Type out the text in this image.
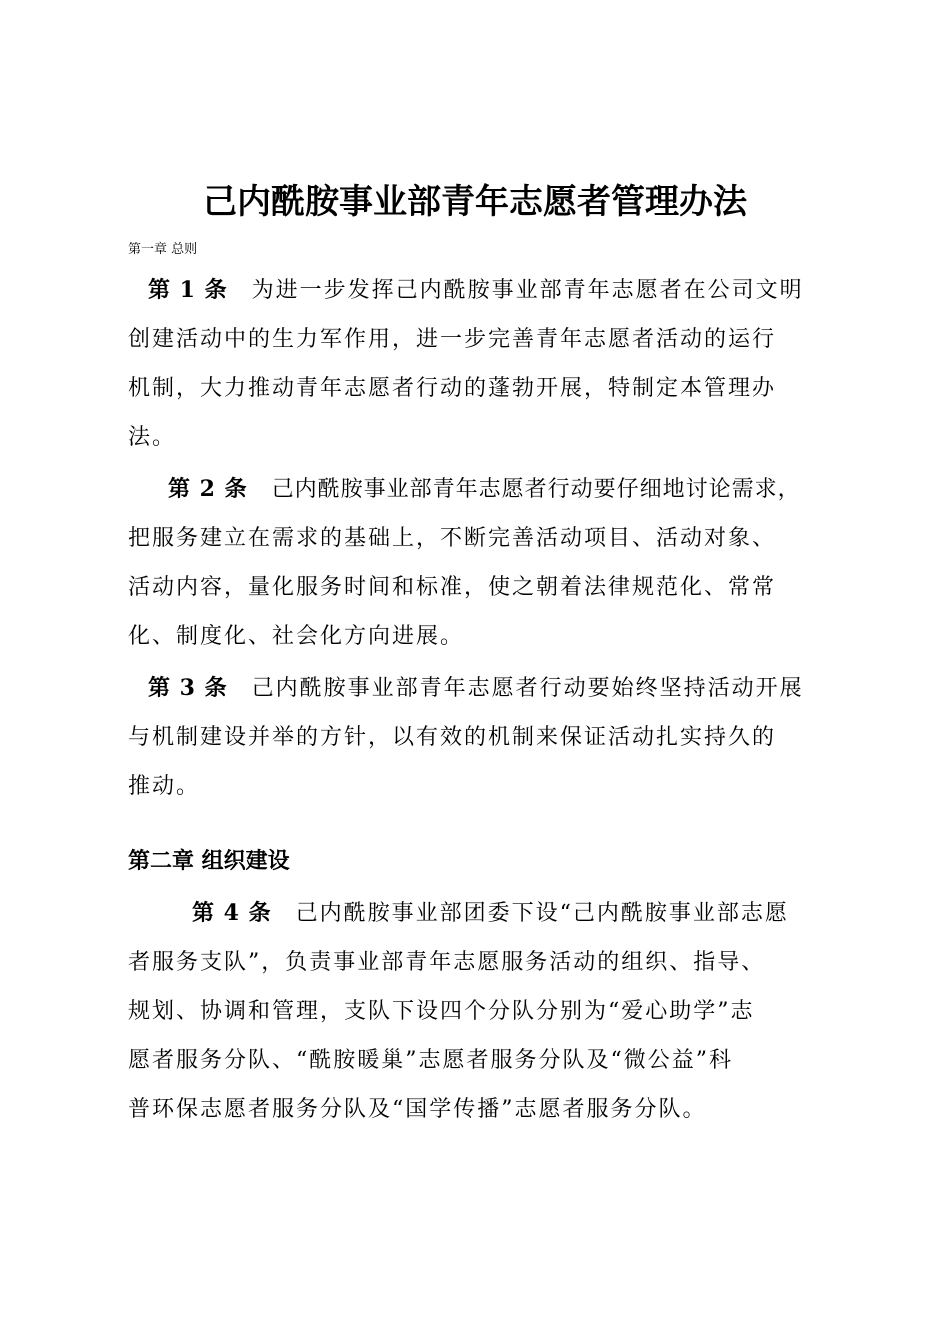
己内酰胺事业部青年志愿者管理办法
第一章 总则
第 1 条 为进一步发挥己内酰胺事业部青年志愿者在公司文明
创建活动中的生力军作用，进一步完善青年志愿者活动的运行
机制，大力推动青年志愿者行动的蓬勃开展，特制定本管理办
法。
第 2 条 己内酰胺事业部青年志愿者行动要仔细地讨论需求，
把服务建立在需求的基础上，不断完善活动项目、活动对象、
活动内容，量化服务时间和标准，使之朝着法律规范化、常常
化、制度化、社会化方向进展。
第 3 条 己内酰胺事业部青年志愿者行动要始终坚持活动开展
与机制建设并举的方针，以有效的机制来保证活动扎实持久的
推动。
第二章 组织建设
第 4 条 己内酰胺事业部团委下设“己内酰胺事业部志愿
者服务支队”，负责事业部青年志愿服务活动的组织、指导、
规划、协调和管理，支队下设四个分队分别为“爱心助学”志
愿者服务分队、“酰胺暖巢”志愿者服务分队及“微公益”科
普环保志愿者服务分队及“国学传播”志愿者服务分队。
